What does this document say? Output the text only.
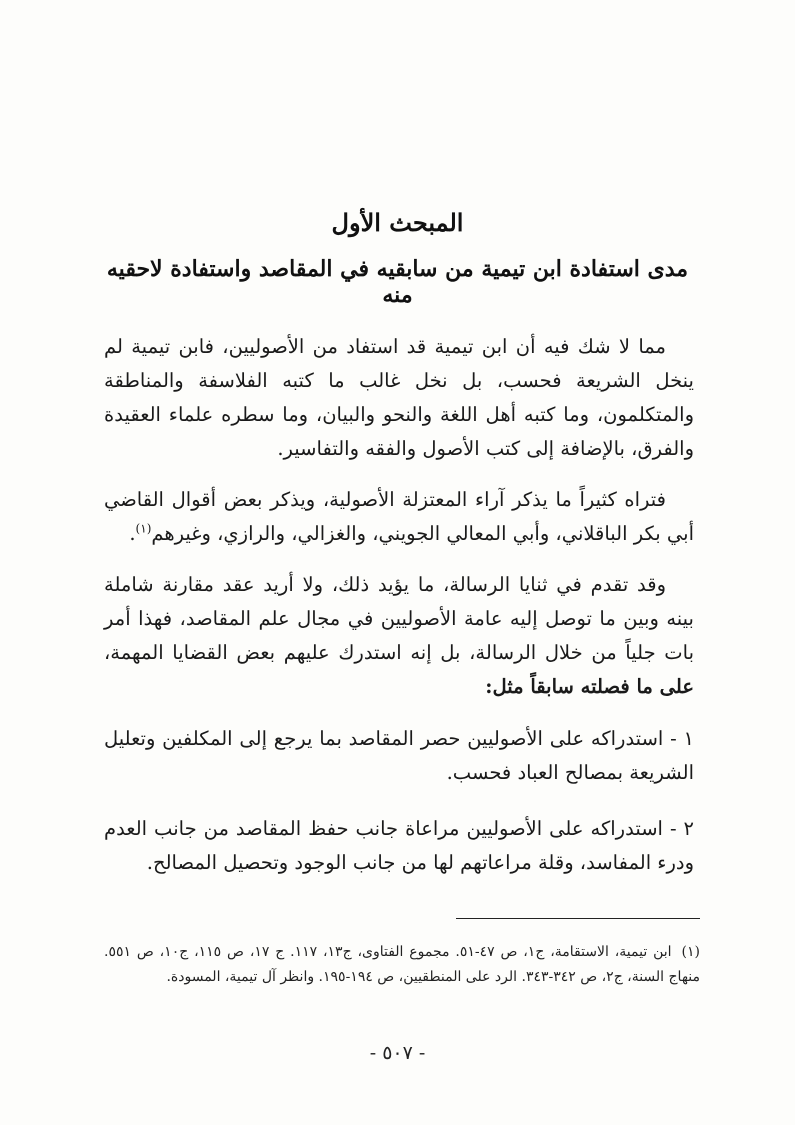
المبحث الأول
مدى استفادة ابن تيمية من سابقيه في المقاصد واستفادة لاحقيه منه

مما لا شك فيه أن ابن تيمية قد استفاد من الأصوليين، فابن تيمية لم ينخل الشريعة فحسب، بل نخل غالب ما كتبه الفلاسفة والمناطقة والمتكلمون، وما كتبه أهل اللغة والنحو والبيان، وما سطره علماء العقيدة والفرق، بالإضافة إلى كتب الأصول والفقه والتفاسير.

فتراه كثيراً ما يذكر آراء المعتزلة الأصولية، ويذكر بعض أقوال القاضي أبي بكر الباقلاني، وأبي المعالي الجويني، والغزالي، والرازي، وغيرهم$^{(١)}$.

وقد تقدم في ثنايا الرسالة، ما يؤيد ذلك، ولا أريد عقد مقارنة شاملة بينه وبين ما توصل إليه عامة الأصوليين في مجال علم المقاصد، فهذا أمر بات جلياً من خلال الرسالة، بل إنه استدرك عليهم بعض القضايا المهمة، على ما فصلته سابقاً مثل:

١ - استدراكه على الأصوليين حصر المقاصد بما يرجع إلى المكلفين وتعليل الشريعة بمصالح العباد فحسب.

٢ - استدراكه على الأصوليين مراعاة جانب حفظ المقاصد من جانب العدم ودرء المفاسد، وقلة مراعاتهم لها من جانب الوجود وتحصيل المصالح.

(١)ابن تيمية، الاستقامة، ج١، ص ٤٧-٥١. مجموع الفتاوى، ج١٣، ١١٧. ج ١٧، ص ١١٥، ج١٠، ص ٥٥١. منهاج السنة، ج٢، ص ٣٤٢-٣٤٣. الرد على المنطقيين، ص ١٩٤-١٩٥. وانظر آل تيمية، المسودة.

- ٥٠٧ -
